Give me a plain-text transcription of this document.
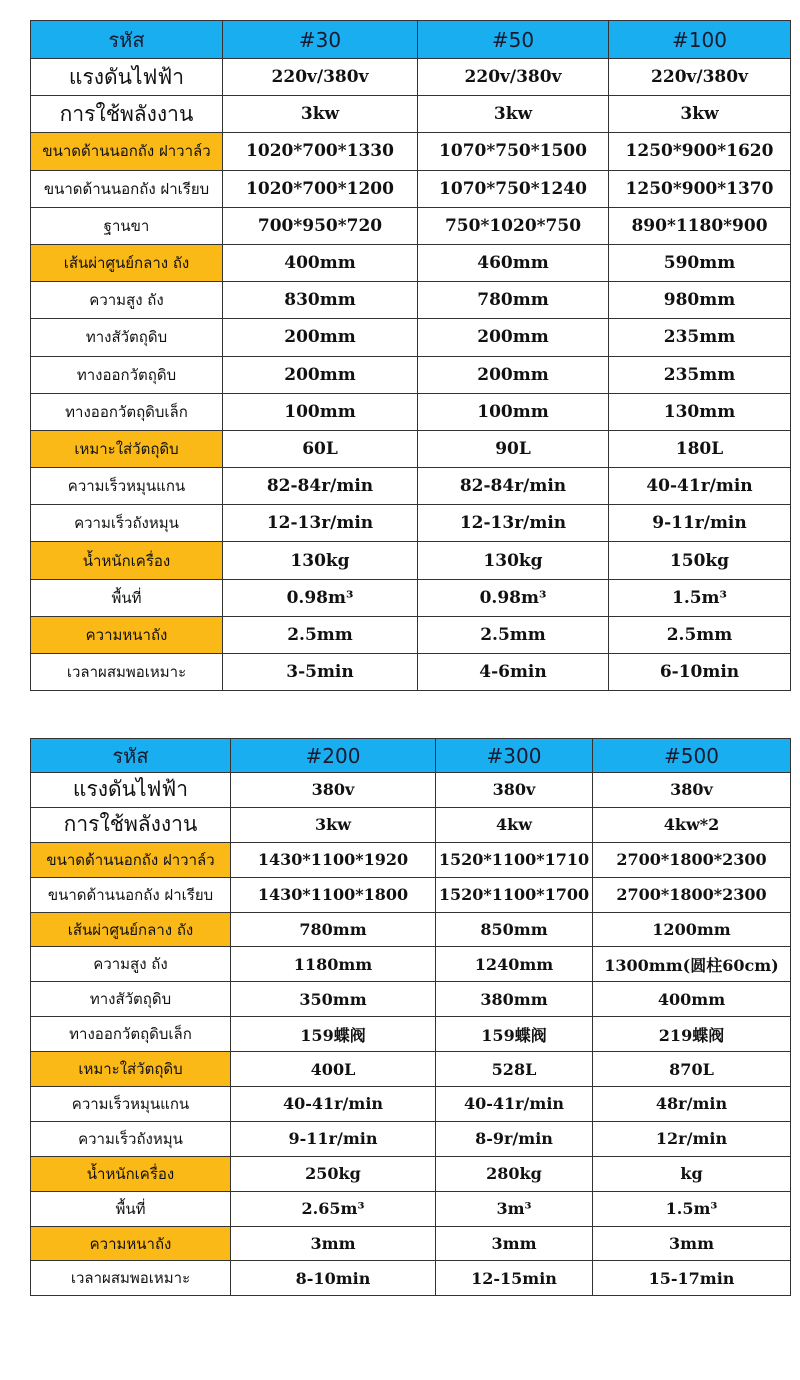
รหัส	#30	#50	#100
แรงดันไฟฟ้า	220v/380v	220v/380v	220v/380v
การใช้พลังงาน	3kw	3kw	3kw
ขนาดด้านนอกถัง ฝาวาล์ว	1020*700*1330	1070*750*1500	1250*900*1620
ขนาดด้านนอกถัง ฝาเรียบ	1020*700*1200	1070*750*1240	1250*900*1370
ฐานขา	700*950*720	750*1020*750	890*1180*900
เส้นผ่าศูนย์กลาง ถัง	400mm	460mm	590mm
ความสูง ถัง	830mm	780mm	980mm
ทางสัวัตถุดิบ	200mm	200mm	235mm
ทางออกวัตถุดิบ	200mm	200mm	235mm
ทางออกวัตถุดิบเล็ก	100mm	100mm	130mm
เหมาะใส่วัตถุดิบ	60L	90L	180L
ความเร็วหมุนแกน	82-84r/min	82-84r/min	40-41r/min
ความเร็วถังหมุน	12-13r/min	12-13r/min	9-11r/min
น้ำหนักเครื่อง	130kg	130kg	150kg
พื้นที่	0.98m³	0.98m³	1.5m³
ความหนาถัง	2.5mm	2.5mm	2.5mm
เวลาผสมพอเหมาะ	3-5min	4-6min	6-10min
รหัส	#200	#300	#500
แรงดันไฟฟ้า	380v	380v	380v
การใช้พลังงาน	3kw	4kw	4kw*2
ขนาดด้านนอกถัง ฝาวาล์ว	1430*1100*1920	1520*1100*1710	2700*1800*2300
ขนาดด้านนอกถัง ฝาเรียบ	1430*1100*1800	1520*1100*1700	2700*1800*2300
เส้นผ่าศูนย์กลาง ถัง	780mm	850mm	1200mm
ความสูง ถัง	1180mm	1240mm	1300mm(圆柱60cm)
ทางสัวัตถุดิบ	350mm	380mm	400mm
ทางออกวัตถุดิบเล็ก	159蝶阀	159蝶阀	219蝶阀
เหมาะใส่วัตถุดิบ	400L	528L	870L
ความเร็วหมุนแกน	40-41r/min	40-41r/min	48r/min
ความเร็วถังหมุน	9-11r/min	8-9r/min	12r/min
น้ำหนักเครื่อง	250kg	280kg	kg
พื้นที่	2.65m³	3m³	1.5m³
ความหนาถัง	3mm	3mm	3mm
เวลาผสมพอเหมาะ	8-10min	12-15min	15-17min
